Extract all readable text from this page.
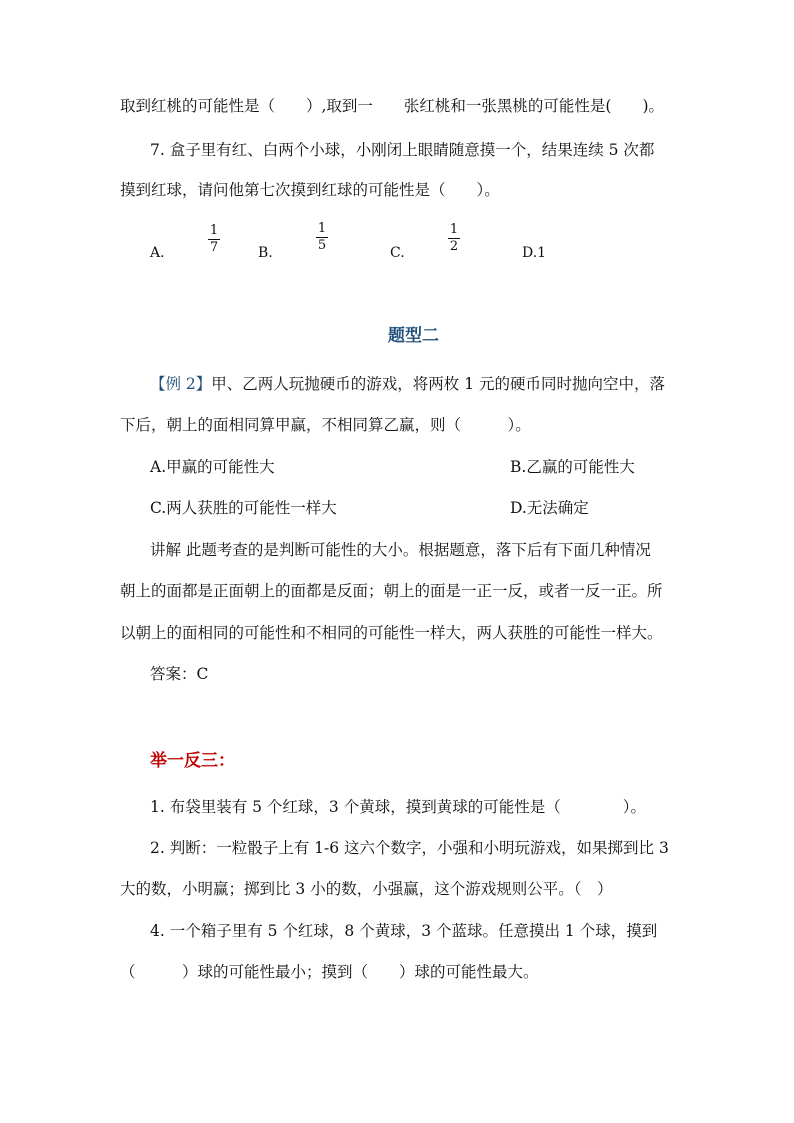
取到红桃的可能性是（　　）,取到一　　张红桃和一张黑桃的可能性是(　　)。
7. 盒子里有红、白两个小球，小刚闭上眼睛随意摸一个，结果连续 5 次都
摸到红球，请问他第七次摸到红球的可能性是（　　）。
A.
1
7	B.
1
5	C.
1
2	D.1
题型二
【例 2】甲、乙两人玩抛硬币的游戏，将两枚 1 元的硬币同时抛向空中，落
下后，朝上的面相同算甲赢，不相同算乙赢，则（　　　）。
A.甲赢的可能性大	B.乙赢的可能性大
C.两人获胜的可能性一样大	D.无法确定
讲解 此题考查的是判断可能性的大小。根据题意，落下后有下面几种情况
朝上的面都是正面朝上的面都是反面；朝上的面是一正一反，或者一反一正。所
以朝上的面相同的可能性和不相同的可能性一样大，两人获胜的可能性一样大。
答案：C
举一反三：
1. 布袋里装有 5 个红球，3 个黄球，摸到黄球的可能性是（　　　　）。
2. 判断：一粒骰子上有 1-6 这六个数字，小强和小明玩游戏，如果掷到比 3
大的数，小明赢；掷到比 3 小的数，小强赢，这个游戏规则公平。（　）
4. 一个箱子里有 5 个红球，8 个黄球，3 个蓝球。任意摸出 1 个球，摸到
（　　　）球的可能性最小；摸到（　　）球的可能性最大。
